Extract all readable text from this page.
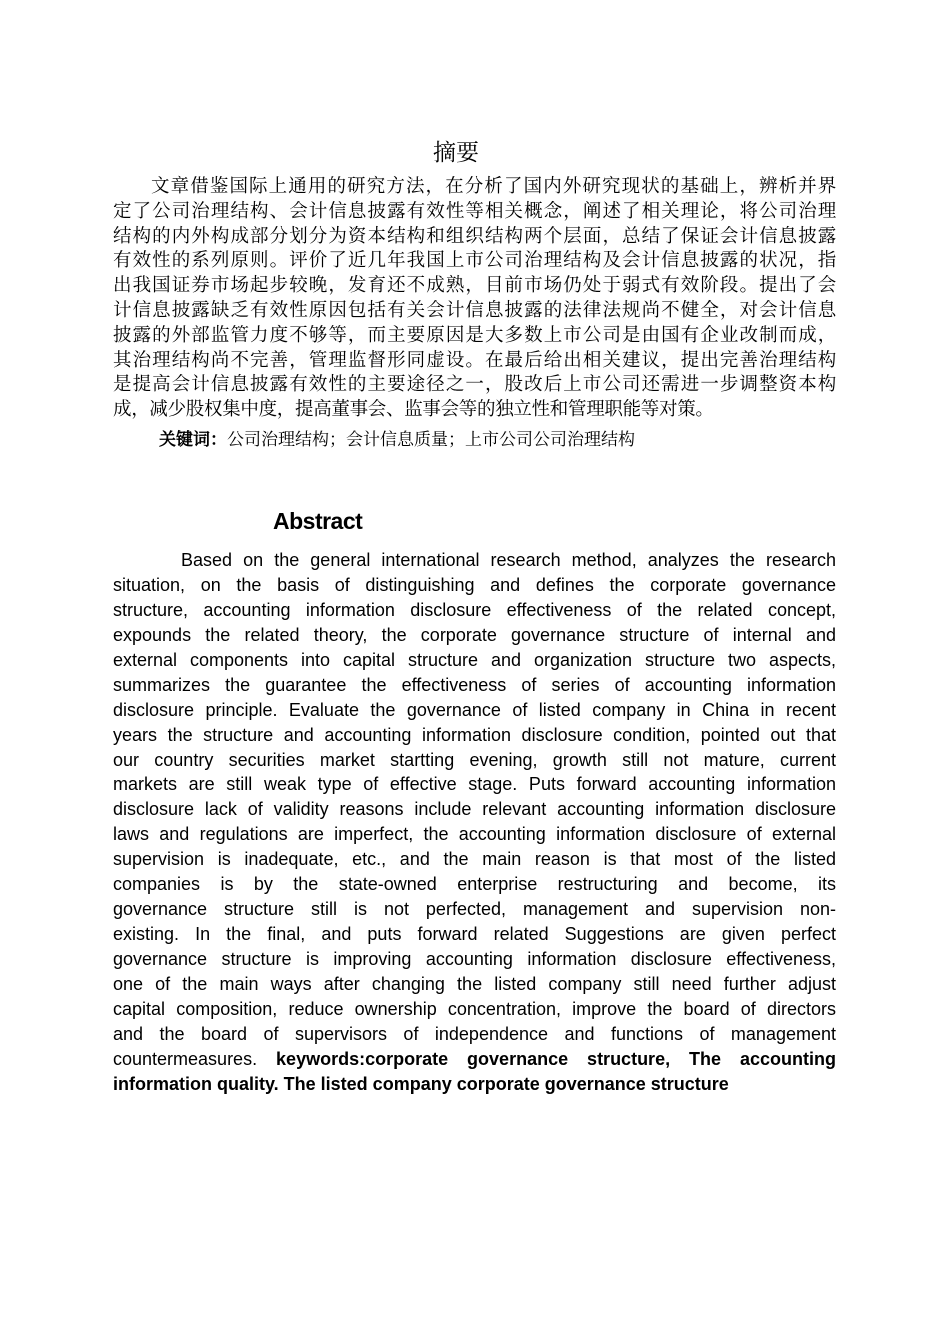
摘要
文章借鉴国际上通用的研究方法，在分析了国内外研究现状的基础上，辨析并界
定了公司治理结构、会计信息披露有效性等相关概念，阐述了相关理论，将公司治理
结构的内外构成部分划分为资本结构和组织结构两个层面，总结了保证会计信息披露
有效性的系列原则。评价了近几年我国上市公司治理结构及会计信息披露的状况，指
出我国证券市场起步较晚，发育还不成熟，目前市场仍处于弱式有效阶段。提出了会
计信息披露缺乏有效性原因包括有关会计信息披露的法律法规尚不健全，对会计信息
披露的外部监管力度不够等，而主要原因是大多数上市公司是由国有企业改制而成，
其治理结构尚不完善，管理监督形同虚设。在最后给出相关建议，提出完善治理结构
是提高会计信息披露有效性的主要途径之一，股改后上市公司还需进一步调整资本构
成，减少股权集中度，提高董事会、监事会等的独立性和管理职能等对策。
关键词：公司治理结构；会计信息质量；上市公司公司治理结构
Abstract
Based on the general international research method, analyzes the research
situation, on the basis of distinguishing and defines the corporate governance
structure, accounting information disclosure effectiveness of the related concept,
expounds the related theory, the corporate governance structure of internal and
external components into capital structure and organization structure two aspects,
summarizes the guarantee the effectiveness of series of accounting information
disclosure principle. Evaluate the governance of listed company in China in recent
years the structure and accounting information disclosure condition, pointed out that
our country securities market startting evening, growth still not mature, current
markets are still weak type of effective stage. Puts forward accounting information
disclosure lack of validity reasons include relevant accounting information disclosure
laws and regulations are imperfect, the accounting information disclosure of external
supervision is inadequate, etc., and the main reason is that most of the listed
companies is by the state-owned enterprise restructuring and become, its
governance structure still is not perfected, management and supervision non-
existing. In the final, and puts forward related Suggestions are given perfect
governance structure is improving accounting information disclosure effectiveness,
one of the main ways after changing the listed company still need further adjust
capital composition, reduce ownership concentration, improve the board of directors
and the board of supervisors of independence and functions of management
countermeasures. keywords:corporate governance structure, The accounting
information quality. The listed company corporate governance structure
